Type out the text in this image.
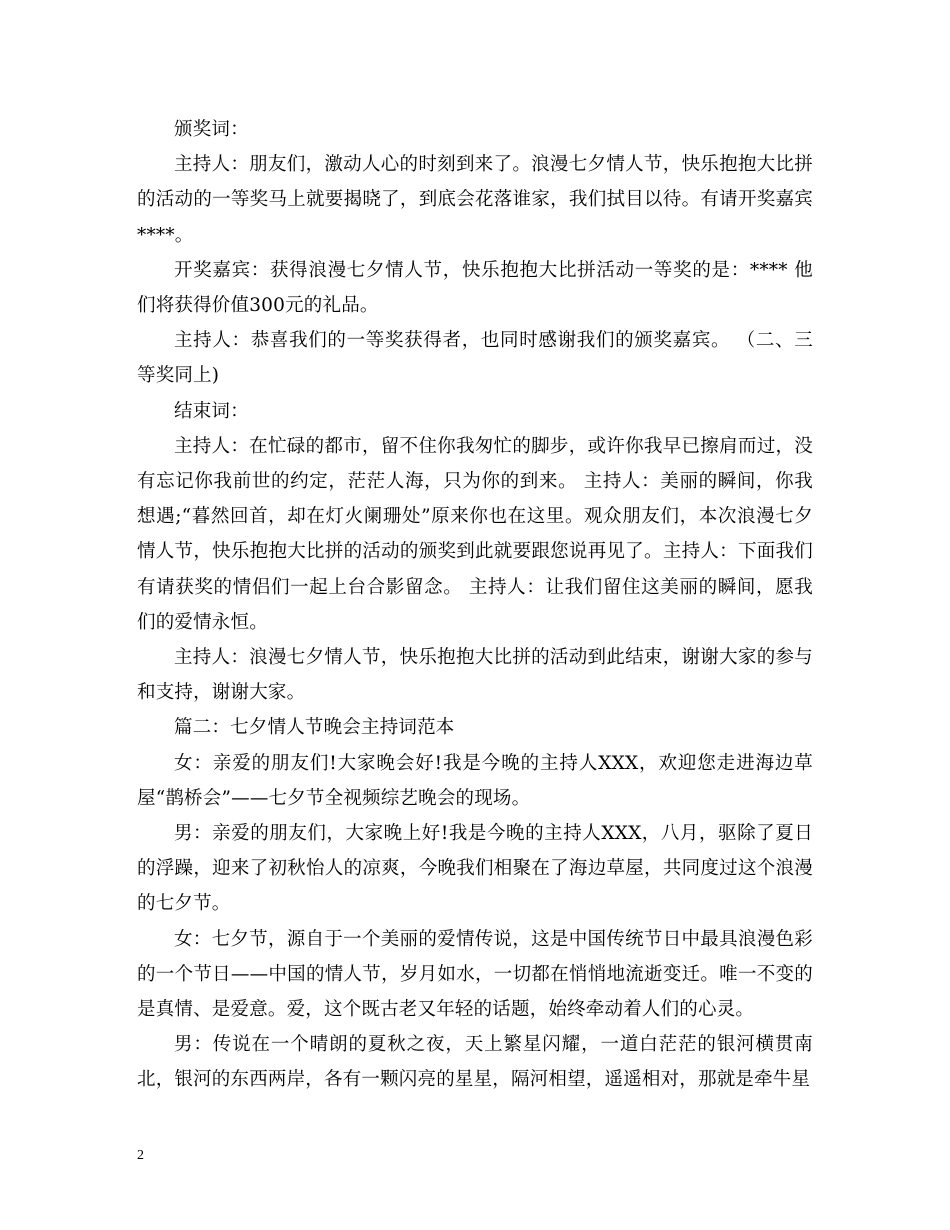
颁奖词：

主持人：朋友们，激动人心的时刻到来了。浪漫七夕情人节，快乐抱抱大比拼的活动的一等奖马上就要揭晓了，到底会花落谁家，我们拭目以待。有请开奖嘉宾****。

开奖嘉宾：获得浪漫七夕情人节，快乐抱抱大比拼活动一等奖的是：**** 他们将获得价值300元的礼品。

主持人：恭喜我们的一等奖获得者，也同时感谢我们的颁奖嘉宾。 （二、三等奖同上)

结束词：

主持人：在忙碌的都市，留不住你我匆忙的脚步，或许你我早已擦肩而过，没有忘记你我前世的约定，茫茫人海，只为你的到来。 主持人：美丽的瞬间，你我想遇;“暮然回首，却在灯火阑珊处”原来你也在这里。观众朋友们，本次浪漫七夕情人节，快乐抱抱大比拼的活动的颁奖到此就要跟您说再见了。主持人：下面我们有请获奖的情侣们一起上台合影留念。 主持人：让我们留住这美丽的瞬间，愿我们的爱情永恒。

主持人：浪漫七夕情人节，快乐抱抱大比拼的活动到此结束，谢谢大家的参与和支持，谢谢大家。

篇二：七夕情人节晚会主持词范本

女：亲爱的朋友们!大家晚会好!我是今晚的主持人XXX，欢迎您走进海边草屋“鹊桥会”——七夕节全视频综艺晚会的现场。

男：亲爱的朋友们，大家晚上好!我是今晚的主持人XXX，八月，驱除了夏日的浮躁，迎来了初秋怡人的凉爽，今晚我们相聚在了海边草屋，共同度过这个浪漫的七夕节。

女：七夕节，源自于一个美丽的爱情传说，这是中国传统节日中最具浪漫色彩的一个节日——中国的情人节，岁月如水，一切都在悄悄地流逝变迁。唯一不变的是真情、是爱意。爱，这个既古老又年轻的话题，始终牵动着人们的心灵。

男：传说在一个晴朗的夏秋之夜，天上繁星闪耀，一道白茫茫的银河横贯南北，银河的东西两岸，各有一颗闪亮的星星，隔河相望，遥遥相对，那就是牵牛星

2
